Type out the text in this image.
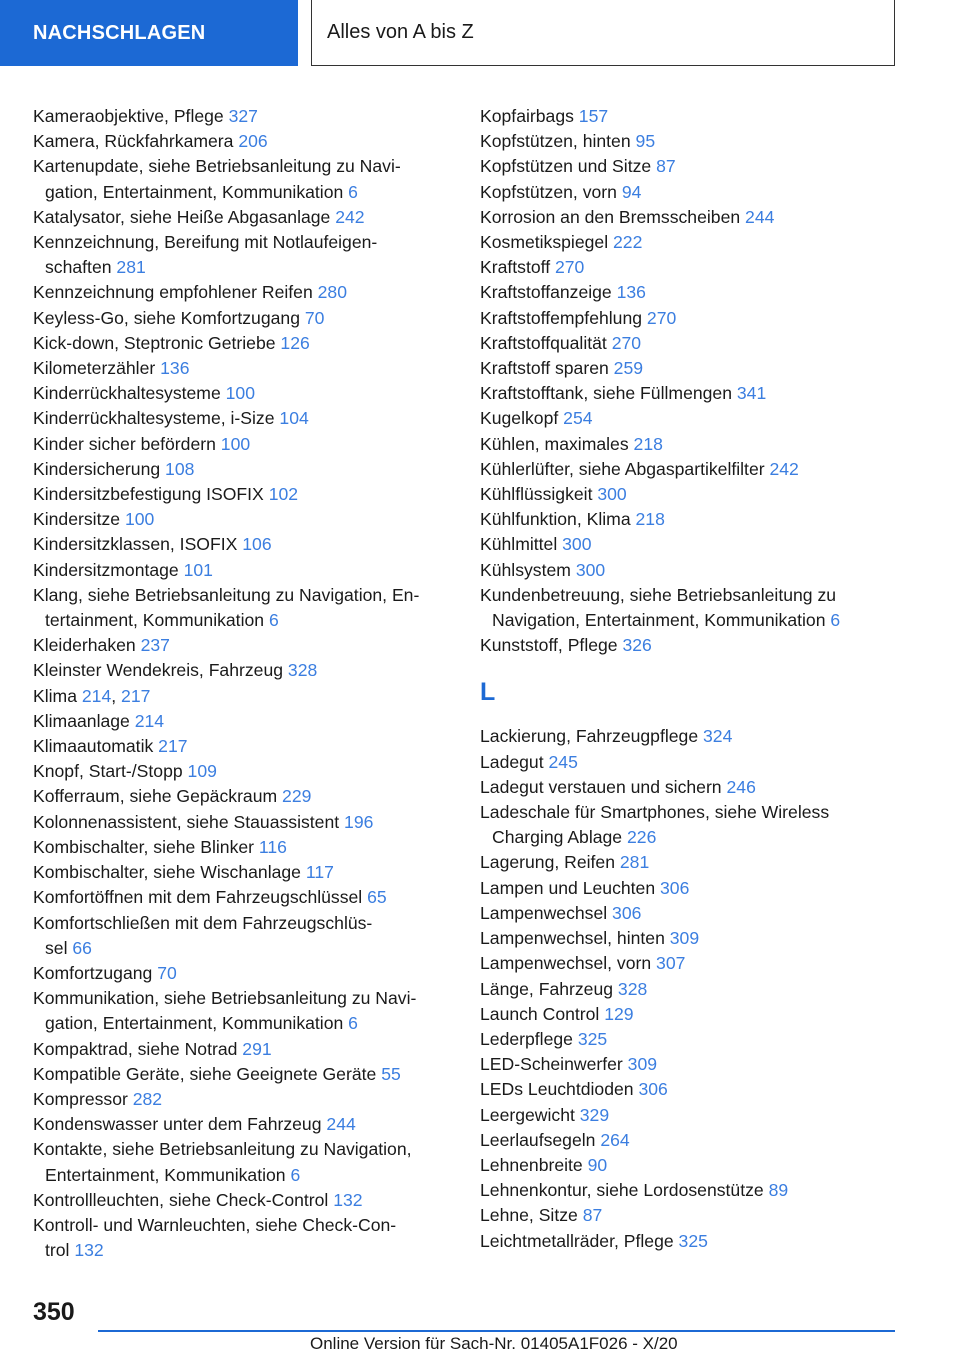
NACHSCHLAGEN	Alles von A bis Z
Kameraobjektive, Pflege 327
Kamera, Rückfahrkamera 206
Kartenupdate, siehe Betriebsanleitung zu Navi-
gation, Entertainment, Kommunikation 6
Katalysator, siehe Heiße Abgasanlage 242
Kennzeichnung, Bereifung mit Notlaufeigen-
schaften 281
Kennzeichnung empfohlener Reifen 280
Keyless-Go, siehe Komfortzugang 70
Kick-down, Steptronic Getriebe 126
Kilometerzähler 136
Kinderrückhaltesysteme 100
Kinderrückhaltesysteme, i-Size 104
Kinder sicher befördern 100
Kindersicherung 108
Kindersitzbefestigung ISOFIX 102
Kindersitze 100
Kindersitzklassen, ISOFIX 106
Kindersitzmontage 101
Klang, siehe Betriebsanleitung zu Navigation, En-
tertainment, Kommunikation 6
Kleiderhaken 237
Kleinster Wendekreis, Fahrzeug 328
Klima 214, 217
Klimaanlage 214
Klimaautomatik 217
Knopf, Start-/Stopp 109
Kofferraum, siehe Gepäckraum 229
Kolonnenassistent, siehe Stauassistent 196
Kombischalter, siehe Blinker 116
Kombischalter, siehe Wischanlage 117
Komfortöffnen mit dem Fahrzeugschlüssel 65
Komfortschließen mit dem Fahrzeugschlüs-
sel 66
Komfortzugang 70
Kommunikation, siehe Betriebsanleitung zu Navi-
gation, Entertainment, Kommunikation 6
Kompaktrad, siehe Notrad 291
Kompatible Geräte, siehe Geeignete Geräte 55
Kompressor 282
Kondenswasser unter dem Fahrzeug 244
Kontakte, siehe Betriebsanleitung zu Navigation,
Entertainment, Kommunikation 6
Kontrollleuchten, siehe Check-Control 132
Kontroll- und Warnleuchten, siehe Check-Con-
trol 132
Kopfairbags 157
Kopfstützen, hinten 95
Kopfstützen und Sitze 87
Kopfstützen, vorn 94
Korrosion an den Bremsscheiben 244
Kosmetikspiegel 222
Kraftstoff 270
Kraftstoffanzeige 136
Kraftstoffempfehlung 270
Kraftstoffqualität 270
Kraftstoff sparen 259
Kraftstofftank, siehe Füllmengen 341
Kugelkopf 254
Kühlen, maximales 218
Kühlerlüfter, siehe Abgaspartikelfilter 242
Kühlflüssigkeit 300
Kühlfunktion, Klima 218
Kühlmittel 300
Kühlsystem 300
Kundenbetreuung, siehe Betriebsanleitung zu
Navigation, Entertainment, Kommunikation 6
Kunststoff, Pflege 326
L
Lackierung, Fahrzeugpflege 324
Ladegut 245
Ladegut verstauen und sichern 246
Ladeschale für Smartphones, siehe Wireless
Charging Ablage 226
Lagerung, Reifen 281
Lampen und Leuchten 306
Lampenwechsel 306
Lampenwechsel, hinten 309
Lampenwechsel, vorn 307
Länge, Fahrzeug 328
Launch Control 129
Lederpflege 325
LED-Scheinwerfer 309
LEDs Leuchtdioden 306
Leergewicht 329
Leerlaufsegeln 264
Lehnenbreite 90
Lehnenkontur, siehe Lordosenstütze 89
Lehne, Sitze 87
Leichtmetallräder, Pflege 325
350
Online Version für Sach-Nr. 01405A1F026 - X/20
